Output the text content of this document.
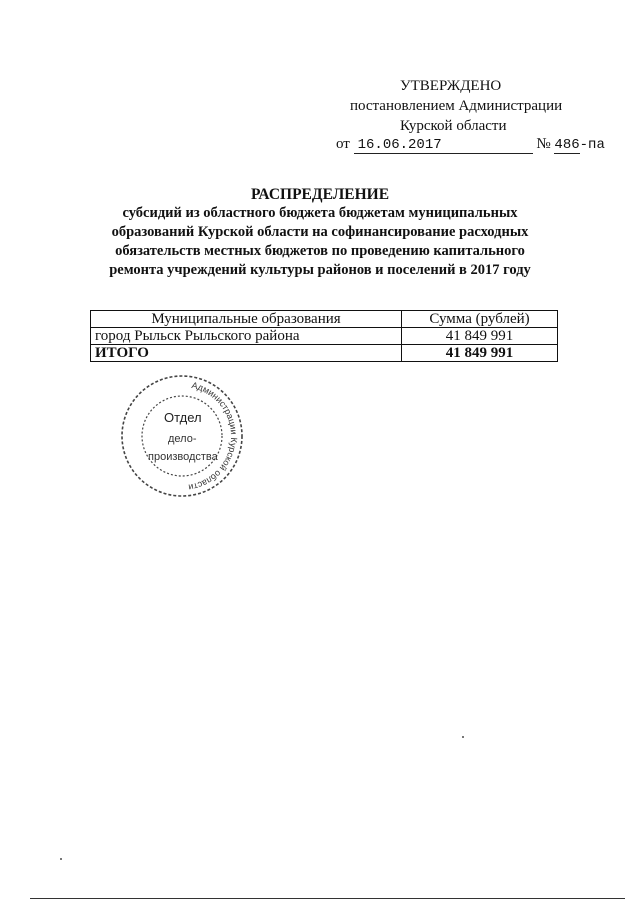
УТВЕРЖДЕНО
постановлением Администрации
Курской области
от 16.06.2017	№ 486-па
РАСПРЕДЕЛЕНИЕ
субсидий из областного бюджета бюджетам муниципальных
образований Курской области на софинансирование расходных
обязательств местных бюджетов по проведению капитального
ремонта учреждений культуры районов и поселений в 2017 году
Муниципальные образования	Сумма (рублей)
город Рыльск Рыльского района	41 849 991
ИТОГО	41 849 991
Администрации Курской области
Отдел
дело-
производства
